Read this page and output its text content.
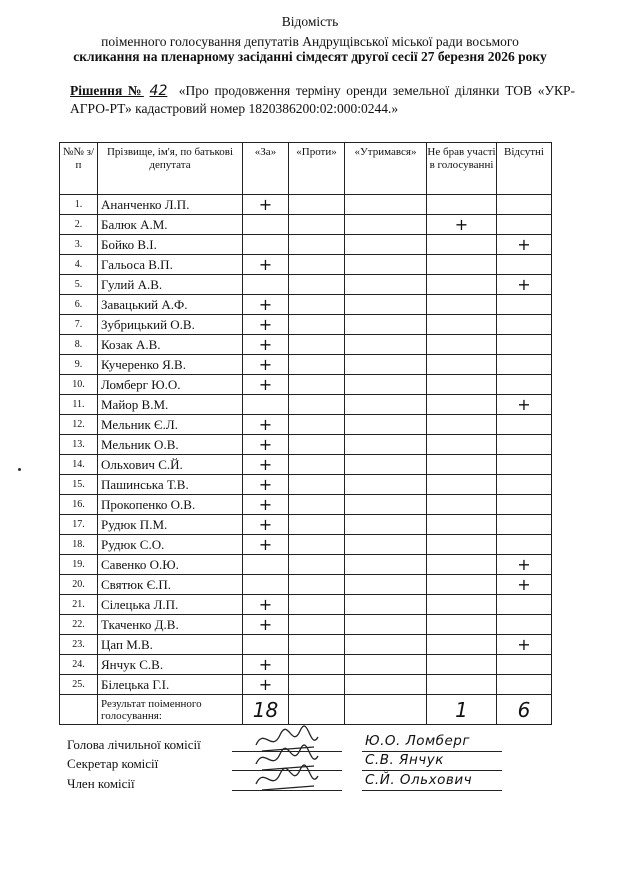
Відомість
поіменного голосування депутатів Андрущівської міської ради восьмого
скликання на пленарному засіданні сімдесят другої сесії 27 березня 2026 року
Рішення № 42 «Про продовження терміну оренди земельної ділянки ТОВ «УКР-АГРО-РТ» кадастровий номер 1820386200:02:000:0244.»
№№ з/п	Прізвище, ім'я, по батькові депутата	«За»	«Проти»	«Утримався»	Не брав участі в голосуванні	Відсутні
1.	Ананченко Л.П.	+				
2.	Балюк А.М.				+	
3.	Бойко В.І.					+
4.	Гальоса В.П.	+				
5.	Гулий А.В.					+
6.	Завацький А.Ф.	+				
7.	Зубрицький О.В.	+				
8.	Козак А.В.	+				
9.	Кучеренко Я.В.	+				
10.	Ломберг Ю.О.	+				
11.	Майор В.М.					+
12.	Мельник Є.Л.	+				
13.	Мельник О.В.	+				
14.	Ольхович С.Й.	+				
15.	Пашинська Т.В.	+				
16.	Прокопенко О.В.	+				
17.	Рудюк П.М.	+				
18.	Рудюк С.О.	+				
19.	Савенко О.Ю.					+
20.	Святюк Є.П.					+
21.	Сілецька Л.П.	+				
22.	Ткаченко Д.В.	+				
23.	Цап М.В.					+
24.	Янчук С.В.	+				
25.	Білецька Г.І.	+				
	Результат поіменного голосування:	18			1	6
Голова лічильної комісії	Ю.О. Ломберг
Секретар комісії	С.В. Янчук
Член комісії	С.Й. Ольхович
